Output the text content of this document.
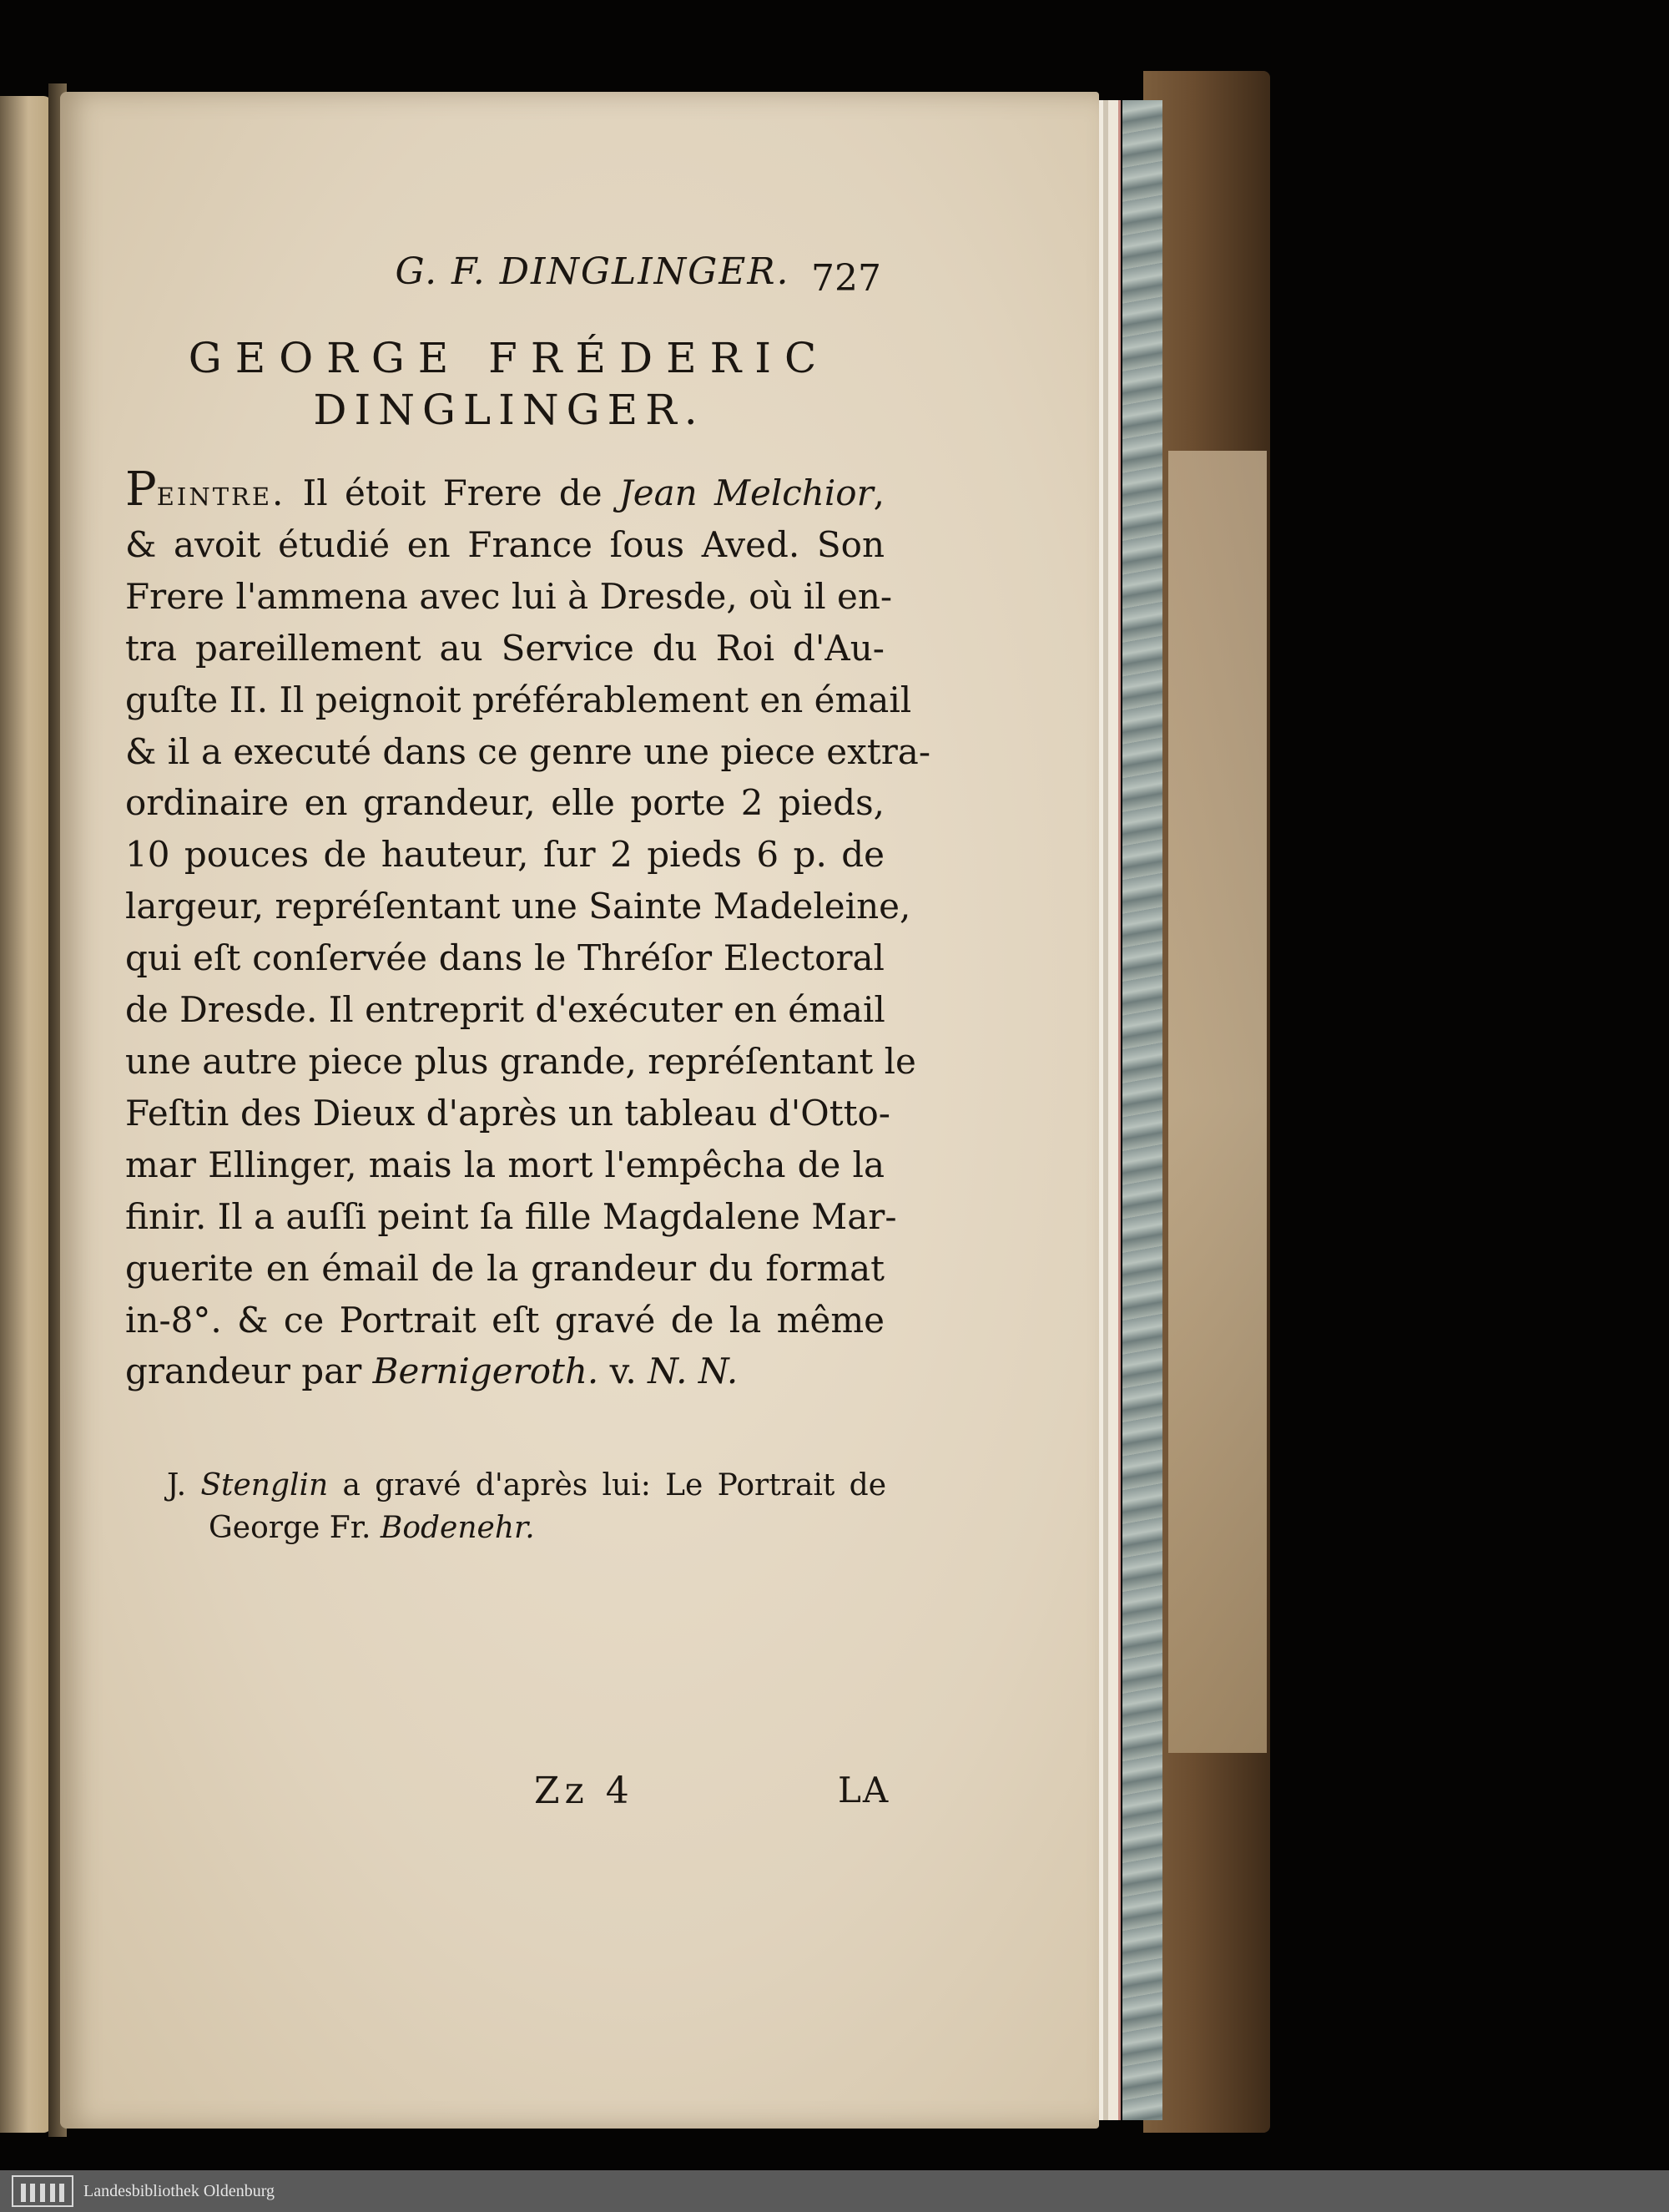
G. F. DINGLINGER. 727
GEORGE FRÉDERIC
DINGLINGER.
Peintre. Il étoit Frere de Jean Melchior,
& avoit étudié en France ſous Aved. Son
Frere l'ammena avec lui à Dresde, où il en-
tra pareillement au Service du Roi d'Au-
guſte II. Il peignoit préférablement en émail
& il a executé dans ce genre une piece extra-
ordinaire en grandeur, elle porte 2 pieds,
10 pouces de hauteur, ſur 2 pieds 6 p. de
largeur, repréſentant une Sainte Madeleine,
qui eſt conſervée dans le Thréſor Electoral
de Dresde. Il entreprit d'exécuter en émail
une autre piece plus grande, repréſentant le
Feſtin des Dieux d'après un tableau d'Otto-
mar Ellinger, mais la mort l'empêcha de la
finir. Il a auſſi peint ſa fille Magdalene Mar-
guerite en émail de la grandeur du format
in-8°. & ce Portrait eſt gravé de la même
grandeur par Bernigeroth. v. N. N.
J. Stenglin a gravé d'après lui: Le Portrait de
George Fr. Bodenehr.
Zz 4	LA
Landesbibliothek Oldenburg
